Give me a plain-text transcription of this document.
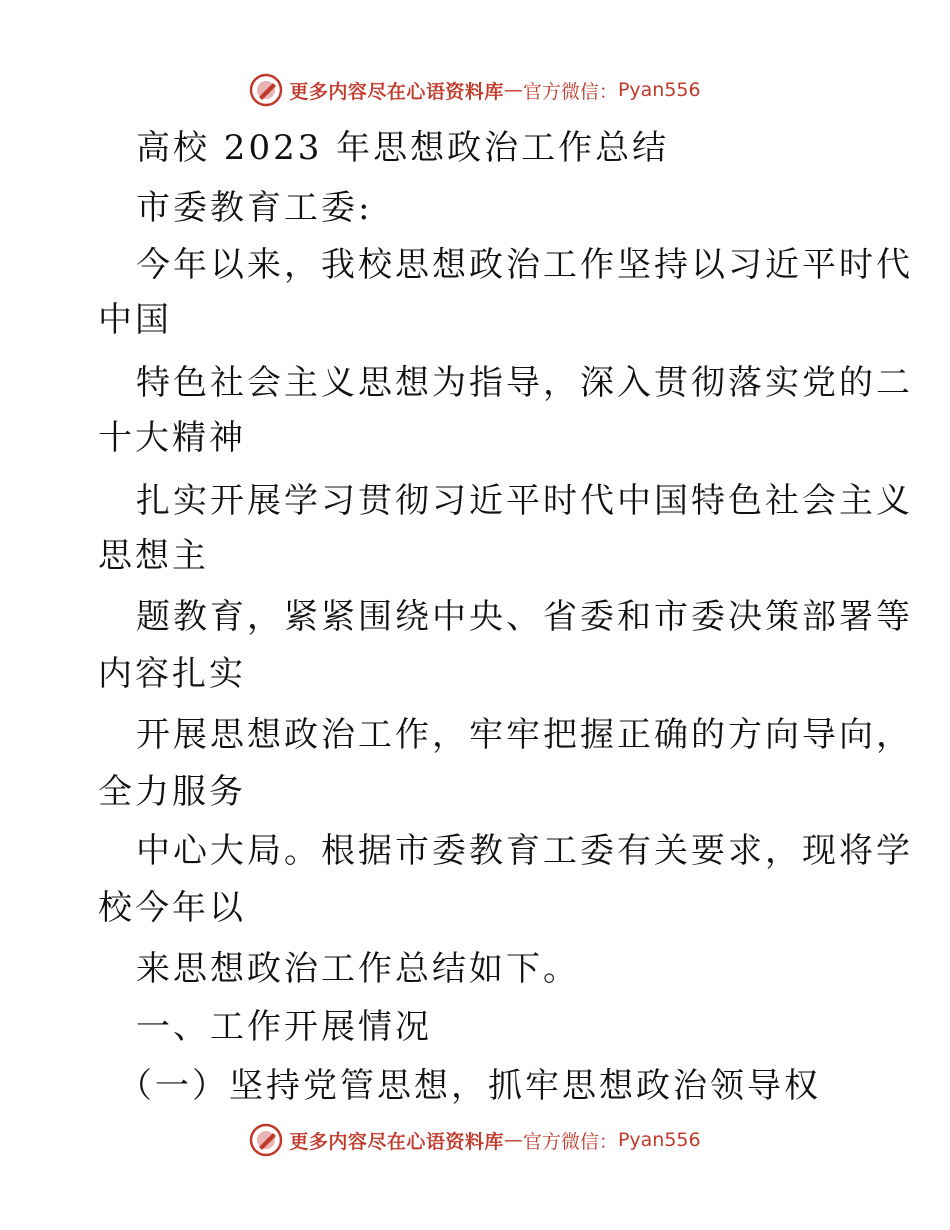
更多内容尽在心语资料库 — 官方微信： Pyan556
高校 2023 年思想政治工作总结
市委教育工委:
今年以来，我校思想政治工作坚持以习近平时代
中国
特色社会主义思想为指导，深入贯彻落实党的二
十大精神
扎实开展学习贯彻习近平时代中国特色社会主义
思想主
题教育，紧紧围绕中央、省委和市委决策部署等
内容扎实
开展思想政治工作，牢牢把握正确的方向导向，
全力服务
中心大局。根据市委教育工委有关要求，现将学
校今年以
来思想政治工作总结如下。
一、工作开展情况
（一）坚持党管思想，抓牢思想政治领导权
更多内容尽在心语资料库 — 官方微信： Pyan556
